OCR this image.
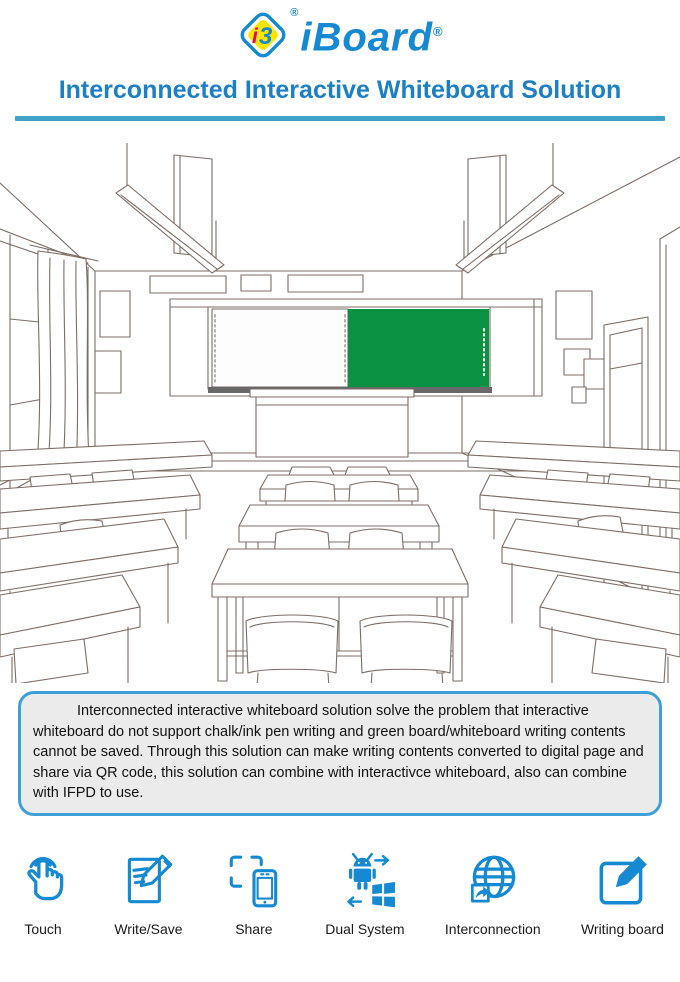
i 3
®
iBoard®
Interconnected Interactive Whiteboard Solution

Interconnected interactive whiteboard solution solve the problem that interactive whiteboard do not support chalk/ink pen writing and green board/whiteboard writing contents cannot be saved. Through this solution can make writing contents converted to digital page and share via QR code, this solution can combine with interactivce whiteboard, also can combine with IFPD to use.

Touch	Write/Save	Share	Dual System	Interconnection	Writing board
